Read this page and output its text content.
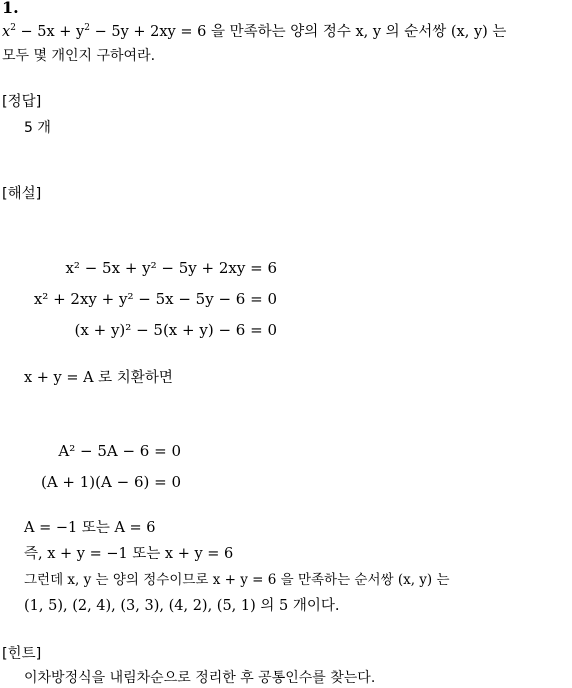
1.
$x^2 - 5x + y^2 - 5y + 2xy = 6$ 을 만족하는 양의 정수 x, y 의 순서쌍 (x, y) 는
모두 몇 개인지 구하여라.
[정답]
5 개
[해설]
x² − 5x + y² − 5y + 2xy = 6
x² + 2xy + y² − 5x − 5y − 6 = 0
(x + y)² − 5(x + y) − 6 = 0
x + y = A 로 치환하면
A² − 5A − 6 = 0
(A + 1)(A − 6) = 0
A = −1 또는 A = 6
즉, x + y = −1 또는 x + y = 6
그런데 x, y 는 양의 정수이므로 x + y = 6 을 만족하는 순서쌍 (x, y) 는
(1, 5), (2, 4), (3, 3), (4, 2), (5, 1) 의 5 개이다.
[힌트]
이차방정식을 내림차순으로 정리한 후 공통인수를 찾는다.
